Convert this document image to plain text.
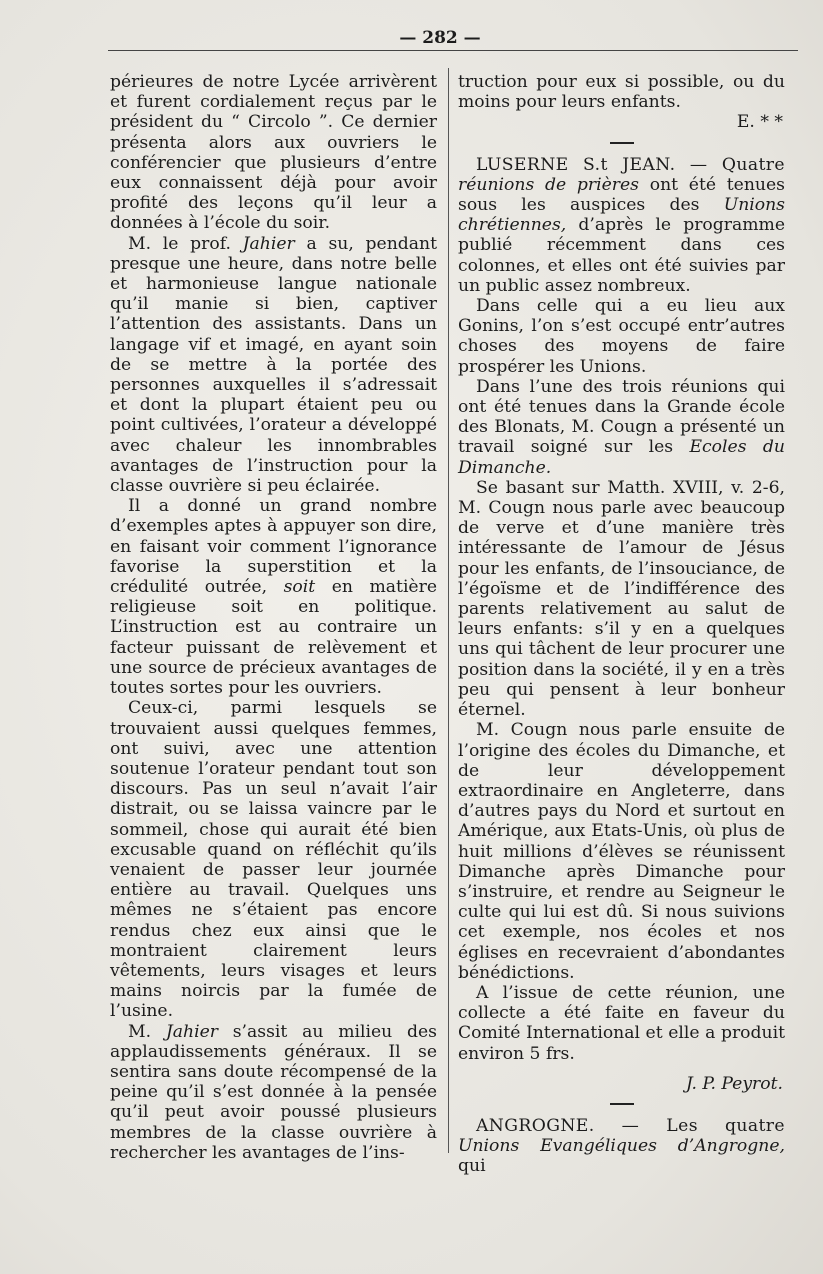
— 282 —

périeures de notre Lycée arrivèrent et furent cordialement reçus par le président du “ Circolo ”. Ce dernier présenta alors aux ouvriers le conférencier que plusieurs d’entre eux connaissent déjà pour avoir profité des leçons qu’il leur a données à l’école du soir.

M. le prof. Jahier a su, pendant presque une heure, dans notre belle et harmonieuse langue nationale qu’il manie si bien, captiver l’attention des assistants. Dans un langage vif et imagé, en ayant soin de se mettre à la portée des personnes auxquelles il s’adressait et dont la plupart étaient peu ou point cultivées, l’orateur a développé avec chaleur les innombrables avantages de l’instruction pour la classe ouvrière si peu éclairée.

Il a donné un grand nombre d’exemples aptes à appuyer son dire, en faisant voir comment l’ignorance favorise la superstition et la crédulité outrée, soit en matière religieuse soit en politique. L’instruction est au contraire un facteur puissant de relèvement et une source de précieux avantages de toutes sortes pour les ouvriers.

Ceux-ci, parmi lesquels se trouvaient aussi quelques femmes, ont suivi, avec une attention soutenue l’orateur pendant tout son discours. Pas un seul n’avait l’air distrait, ou se laissa vaincre par le sommeil, chose qui aurait été bien excusable quand on réfléchit qu’ils venaient de passer leur journée entière au travail. Quelques uns mêmes ne s’étaient pas encore rendus chez eux ainsi que le montraient clairement leurs vêtements, leurs visages et leurs mains noircis par la fumée de l’usine.

M. Jahier s’assit au milieu des applaudissements généraux. Il se sentira sans doute récompensé de la peine qu’il s’est donnée à la pensée qu’il peut avoir poussé plusieurs membres de la classe ouvrière à rechercher les avantages de l’ins-

truction pour eux si possible, ou du moins pour leurs enfants.

E. * *

LUSERNE S.t JEAN. — Quatre réunions de prières ont été tenues sous les auspices des Unions chrétiennes, d’après le programme publié récemment dans ces colonnes, et elles ont été suivies par un public assez nombreux.

Dans celle qui a eu lieu aux Gonins, l’on s’est occupé entr’autres choses des moyens de faire prospérer les Unions.

Dans l’une des trois réunions qui ont été tenues dans la Grande école des Blonats, M. Cougn a présenté un travail soigné sur les Ecoles du Dimanche.

Se basant sur Matth. XVIII, v. 2-6, M. Cougn nous parle avec beaucoup de verve et d’une manière très intéressante de l’amour de Jésus pour les enfants, de l’insouciance, de l’égoïsme et de l’indifférence des parents relativement au salut de leurs enfants: s’il y en a quelques uns qui tâchent de leur procurer une position dans la société, il y en a très peu qui pensent à leur bonheur éternel.

M. Cougn nous parle ensuite de l’origine des écoles du Dimanche, et de leur développement extraordinaire en Angleterre, dans d’autres pays du Nord et surtout en Amérique, aux Etats-Unis, où plus de huit millions d’élèves se réunissent Dimanche après Dimanche pour s’instruire, et rendre au Seigneur le culte qui lui est dû. Si nous suivions cet exemple, nos écoles et nos églises en recevraient d’abondantes bénédictions.

A l’issue de cette réunion, une collecte a été faite en faveur du Comité International et elle a produit environ 5 frs.

J. P. Peyrot.

ANGROGNE. — Les quatre Unions Evangéliques d’Angrogne, qui
